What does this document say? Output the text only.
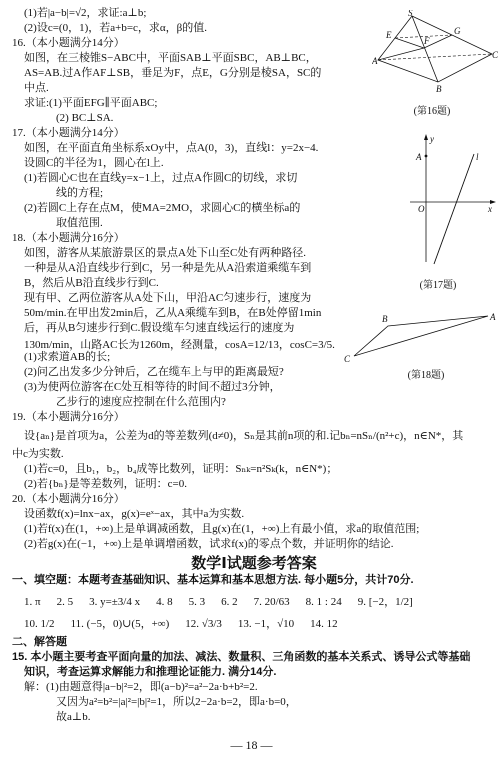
(1)若|a−b|=√2，求证:a⊥b;
(2)设c=(0，1)，若a+b=c，求α，β的值.
16.（本小题满分14分）
如图，在三棱锥S−ABC中，平面SAB⊥平面SBC，AB⊥BC，
AS=AB.过A作AF⊥SB，垂足为F，点E，G分别是棱SA，SC的
中点.
求证:(1)平面EFG∥平面ABC;
(2) BC⊥SA.
17.（本小题满分14分）
如图，在平面直角坐标系xOy中，点A(0，3)，直线l：y=2x−4.
设圆C的半径为1，圆心在l上.
(1)若圆心C也在直线y=x−1上，过点A作圆C的切线，求切
线的方程;
(2)若圆C上存在点M，使MA=2MO，求圆心C的横坐标a的
取值范围.
18.（本小题满分16分）
如图，游客从某旅游景区的景点A处下山至C处有两种路径.
一种是从A沿直线步行到C，另一种是先从A沿索道乘缆车到
B，然后从B沿直线步行到C.
现有甲、乙两位游客从A处下山，甲沿AC匀速步行，速度为
50m/min.在甲出发2min后，乙从A乘缆车到B，在B处停留1min
后，再从B匀速步行到C.假设缆车匀速直线运行的速度为
130m/min，山路AC长为1260m，经测量，cosA=12/13，cosC=3/5.
S
A
B
C
E
F
G
(第16题)
A
y
x
O
l
(第17题)
A
B
C
(第18题)
(1)求索道AB的长;
(2)问乙出发多少分钟后，乙在缆车上与甲的距离最短?
(3)为使两位游客在C处互相等待的时间不超过3分钟，
乙步行的速度应控制在什么范围内?
19.（本小题满分16分）
设{aₙ}是首项为a，公差为d的等差数列(d≠0)，Sₙ是其前n项的和.记bₙ=nSₙ/(n²+c)，n∈N*，其
中c为实数.
(1)若c=0，且b₁，b₂，b₄成等比数列，证明：Sₙₖ=n²Sₖ(k，n∈N*)；
(2)若{bₙ}是等差数列，证明：c=0.
20.（本小题满分16分）
设函数f(x)=lnx−ax，g(x)=eˣ−ax，其中a为实数.
(1)若f(x)在(1，+∞)上是单调减函数，且g(x)在(1，+∞)上有最小值，求a的取值范围;
(2)若g(x)在(−1，+∞)上是单调增函数，试求f(x)的零点个数，并证明你的结论.
数学Ⅰ试题参考答案
一、填空题：本题考查基础知识、基本运算和基本思想方法. 每小题5分，共计70分.
1. π 2. 5 3. y=±3/4 x 4. 8 5. 3 6. 2 7. 20/63 8. 1 : 24 9. [−2，1/2]
10. 1/2 11. (−5，0)∪(5，+∞) 12. √3/3 13. −1，√10 14. 12
二、解答题
15. 本小题主要考查平面向量的加法、减法、数量积、三角函数的基本关系式、诱导公式等基础
知识，考查运算求解能力和推理论证能力. 满分14分.
解：(1)由题意得|a−b|²=2，即(a−b)²=a²−2a·b+b²=2.
又因为a²=b²=|a|²=|b|²=1，所以2−2a·b=2，即a·b=0，
故a⊥b.
— 18 —
